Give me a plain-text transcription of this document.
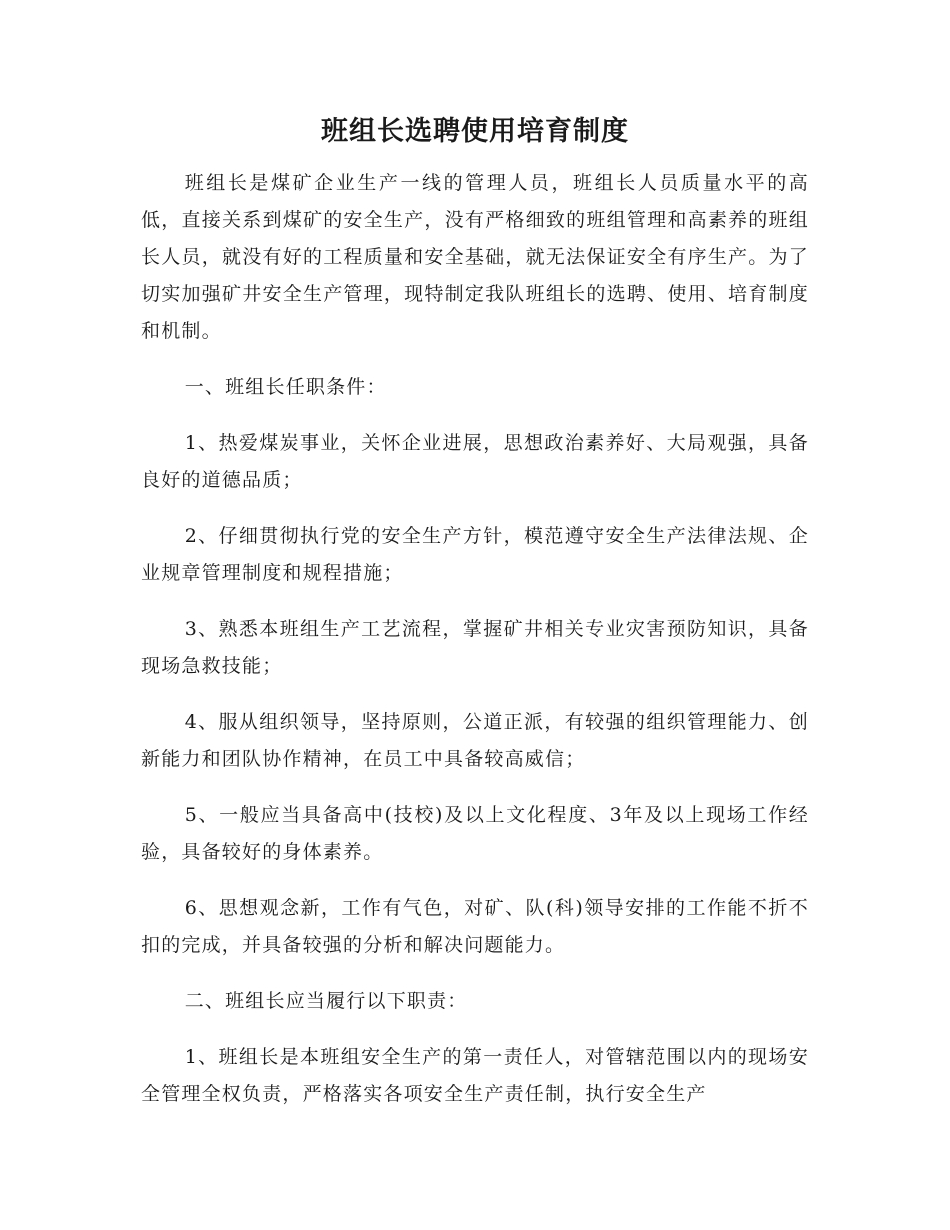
班组长选聘使用培育制度

班组长是煤矿企业生产一线的管理人员，班组长人员质量水平的高低，直接关系到煤矿的安全生产，没有严格细致的班组管理和高素养的班组长人员，就没有好的工程质量和安全基础，就无法保证安全有序生产。为了切实加强矿井安全生产管理，现特制定我队班组长的选聘、使用、培育制度和机制。

一、班组长任职条件：

1、热爱煤炭事业，关怀企业进展，思想政治素养好、大局观强，具备良好的道德品质；

2、仔细贯彻执行党的安全生产方针，模范遵守安全生产法律法规、企业规章管理制度和规程措施；

3、熟悉本班组生产工艺流程，掌握矿井相关专业灾害预防知识，具备现场急救技能；

4、服从组织领导，坚持原则，公道正派，有较强的组织管理能力、创新能力和团队协作精神，在员工中具备较高威信；

5、一般应当具备高中(技校)及以上文化程度、3年及以上现场工作经验，具备较好的身体素养。

6、思想观念新，工作有气色，对矿、队(科)领导安排的工作能不折不扣的完成，并具备较强的分析和解决问题能力。

二、班组长应当履行以下职责：

1、班组长是本班组安全生产的第一责任人，对管辖范围以内的现场安全管理全权负责，严格落实各项安全生产责任制，执行安全生产
